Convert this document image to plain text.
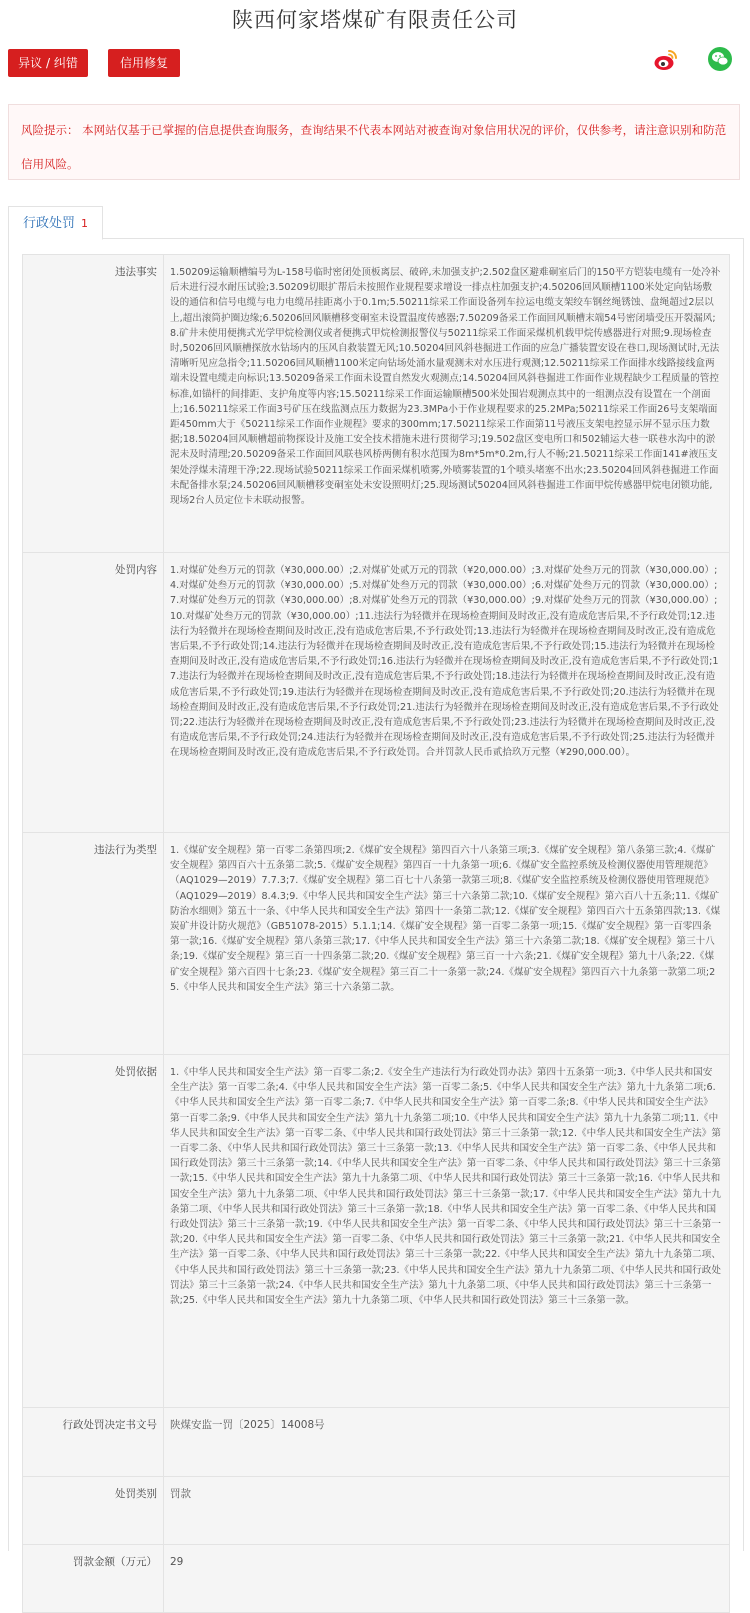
陕西何家塔煤矿有限责任公司
异议 / 纠错	信用修复
风险提示： 本网站仅基于已掌握的信息提供查询服务，查询结果不代表本网站对被查询对象信用状况的评价，仅供参考，请注意识别和防范信用风险。
行政处罚 1
违法事实	1.50209运输顺槽编号为L-158号临时密闭处顶板离层、破碎,未加强支护;2.502盘区避难硐室后门的150平方铠装电缆有一处冷补后未进行浸水耐压试验;3.50209切眼扩帮后未按照作业规程要求增设一排点柱加强支护;4.50206回风顺槽1100米处定向钻场敷设的通信和信号电缆与电力电缆吊挂距离小于0.1m;5.50211综采工作面设备列车拉运电缆支架绞车钢丝绳锈蚀、盘绳超过2层以上,超出滚筒护圈边缘;6.50206回风顺槽移变硐室未设置温度传感器;7.50209备采工作面回风顺槽末端54号密闭墙受压开裂漏风;8.矿井未使用便携式光学甲烷检测仪或者便携式甲烷检测报警仪与50211综采工作面采煤机机载甲烷传感器进行对照;9.现场检查时,50206回风顺槽探放水钻场内的压风自救装置无风;10.50204回风斜巷掘进工作面的应急广播装置安设在巷口,现场测试时,无法清晰听见应急指令;11.50206回风顺槽1100米定向钻场处涌水量观测未对水压进行观测;12.50211综采工作面排水线路接线盒两端未设置电缆走向标识;13.50209备采工作面未设置自然发火观测点;14.50204回风斜巷掘进工作面作业规程缺少工程质量的管控标准,如锚杆的间排距、支护角度等内容;15.50211综采工作面运输顺槽500米处围岩观测点其中的一组测点没有设置在一个剖面上;16.50211综采工作面3号矿压在线监测点压力数据为23.3MPa小于作业规程要求的25.2MPa;50211综采工作面26号支架端面距450mm大于《50211综采工作面作业规程》要求的300mm;17.50211综采工作面第11号液压支架电控显示屏不显示压力数据;18.50204回风顺槽超前物探设计及施工安全技术措施未进行贯彻学习;19.502盘区变电所口和502辅运大巷一联巷水沟中的淤泥未及时清理;20.50209备采工作面回风联巷风桥两侧有积水范围为8m*5m*0.2m,行人不畅;21.50211综采工作面141#液压支架处浮煤未清理干净;22.现场试验50211综采工作面采煤机喷雾,外喷雾装置的1个喷头堵塞不出水;23.50204回风斜巷掘进工作面未配备排水泵;24.50206回风顺槽移变硐室处未安设照明灯;25.现场测试50204回风斜巷掘进工作面甲烷传感器甲烷电闭锁功能,现场2台人员定位卡未联动报警。
处罚内容	1.对煤矿处叁万元的罚款（¥30,000.00）;2.对煤矿处贰万元的罚款（¥20,000.00）;3.对煤矿处叁万元的罚款（¥30,000.00）;4.对煤矿处叁万元的罚款（¥30,000.00）;5.对煤矿处叁万元的罚款（¥30,000.00）;6.对煤矿处叁万元的罚款（¥30,000.00）;7.对煤矿处叁万元的罚款（¥30,000.00）;8.对煤矿处叁万元的罚款（¥30,000.00）;9.对煤矿处叁万元的罚款（¥30,000.00）;10.对煤矿处叁万元的罚款（¥30,000.00）;11.违法行为轻微并在现场检查期间及时改正,没有造成危害后果,不予行政处罚;12.违法行为轻微并在现场检查期间及时改正,没有造成危害后果,不予行政处罚;13.违法行为轻微并在现场检查期间及时改正,没有造成危害后果,不予行政处罚;14.违法行为轻微并在现场检查期间及时改正,没有造成危害后果,不予行政处罚;15.违法行为轻微并在现场检查期间及时改正,没有造成危害后果,不予行政处罚;16.违法行为轻微并在现场检查期间及时改正,没有造成危害后果,不予行政处罚;17.违法行为轻微并在现场检查期间及时改正,没有造成危害后果,不予行政处罚;18.违法行为轻微并在现场检查期间及时改正,没有造成危害后果,不予行政处罚;19.违法行为轻微并在现场检查期间及时改正,没有造成危害后果,不予行政处罚;20.违法行为轻微并在现场检查期间及时改正,没有造成危害后果,不予行政处罚;21.违法行为轻微并在现场检查期间及时改正,没有造成危害后果,不予行政处罚;22.违法行为轻微并在现场检查期间及时改正,没有造成危害后果,不予行政处罚;23.违法行为轻微并在现场检查期间及时改正,没有造成危害后果,不予行政处罚;24.违法行为轻微并在现场检查期间及时改正,没有造成危害后果,不予行政处罚;25.违法行为轻微并在现场检查期间及时改正,没有造成危害后果,不予行政处罚。合并罚款人民币贰拾玖万元整（¥290,000.00）。
违法行为类型	1.《煤矿安全规程》第一百零二条第四项;2.《煤矿安全规程》第四百六十八条第三项;3.《煤矿安全规程》第八条第三款;4.《煤矿安全规程》第四百六十五条第二款;5.《煤矿安全规程》第四百一十九条第一项;6.《煤矿安全监控系统及检测仪器使用管理规范》（AQ1029—2019）7.7.3;7.《煤矿安全规程》第二百七十八条第一款第三项;8.《煤矿安全监控系统及检测仪器使用管理规范》（AQ1029—2019）8.4.3;9.《中华人民共和国安全生产法》第三十六条第二款;10.《煤矿安全规程》第六百八十五条;11.《煤矿防治水细则》第五十一条、《中华人民共和国安全生产法》第四十一条第二款;12.《煤矿安全规程》第四百六十五条第四款;13.《煤炭矿井设计防火规范》（GB51078-2015）5.1.1;14.《煤矿安全规程》第一百零二条第一项;15.《煤矿安全规程》第一百零四条第一款;16.《煤矿安全规程》第八条第三款;17.《中华人民共和国安全生产法》第三十六条第二款;18.《煤矿安全规程》第三十八条;19.《煤矿安全规程》第三百一十四条第二款;20.《煤矿安全规程》第三百一十六条;21.《煤矿安全规程》第九十八条;22.《煤矿安全规程》第六百四十七条;23.《煤矿安全规程》第三百二十一条第一款;24.《煤矿安全规程》第四百六十九条第一款第二项;25.《中华人民共和国安全生产法》第三十六条第二款。
处罚依据	1.《中华人民共和国安全生产法》第一百零二条;2.《安全生产违法行为行政处罚办法》第四十五条第一项;3.《中华人民共和国安全生产法》第一百零二条;4.《中华人民共和国安全生产法》第一百零二条;5.《中华人民共和国安全生产法》第九十九条第二项;6.《中华人民共和国安全生产法》第一百零二条;7.《中华人民共和国安全生产法》第一百零二条;8.《中华人民共和国安全生产法》第一百零二条;9.《中华人民共和国安全生产法》第九十九条第二项;10.《中华人民共和国安全生产法》第九十九条第二项;11.《中华人民共和国安全生产法》第一百零二条、《中华人民共和国行政处罚法》第三十三条第一款;12.《中华人民共和国安全生产法》第一百零二条、《中华人民共和国行政处罚法》第三十三条第一款;13.《中华人民共和国安全生产法》第一百零二条、《中华人民共和国行政处罚法》第三十三条第一款;14.《中华人民共和国安全生产法》第一百零二条、《中华人民共和国行政处罚法》第三十三条第一款;15.《中华人民共和国安全生产法》第九十九条第二项、《中华人民共和国行政处罚法》第三十三条第一款;16.《中华人民共和国安全生产法》第九十九条第二项、《中华人民共和国行政处罚法》第三十三条第一款;17.《中华人民共和国安全生产法》第九十九条第二项、《中华人民共和国行政处罚法》第三十三条第一款;18.《中华人民共和国安全生产法》第一百零二条、《中华人民共和国行政处罚法》第三十三条第一款;19.《中华人民共和国安全生产法》第一百零二条、《中华人民共和国行政处罚法》第三十三条第一款;20.《中华人民共和国安全生产法》第一百零二条、《中华人民共和国行政处罚法》第三十三条第一款;21.《中华人民共和国安全生产法》第一百零二条、《中华人民共和国行政处罚法》第三十三条第一款;22.《中华人民共和国安全生产法》第九十九条第二项、《中华人民共和国行政处罚法》第三十三条第一款;23.《中华人民共和国安全生产法》第九十九条第二项、《中华人民共和国行政处罚法》第三十三条第一款;24.《中华人民共和国安全生产法》第九十九条第二项、《中华人民共和国行政处罚法》第三十三条第一款;25.《中华人民共和国安全生产法》第九十九条第二项、《中华人民共和国行政处罚法》第三十三条第一款。
行政处罚决定书文号	陕煤安监一罚〔2025〕14008号
处罚类别	罚款
罚款金额（万元）	29
